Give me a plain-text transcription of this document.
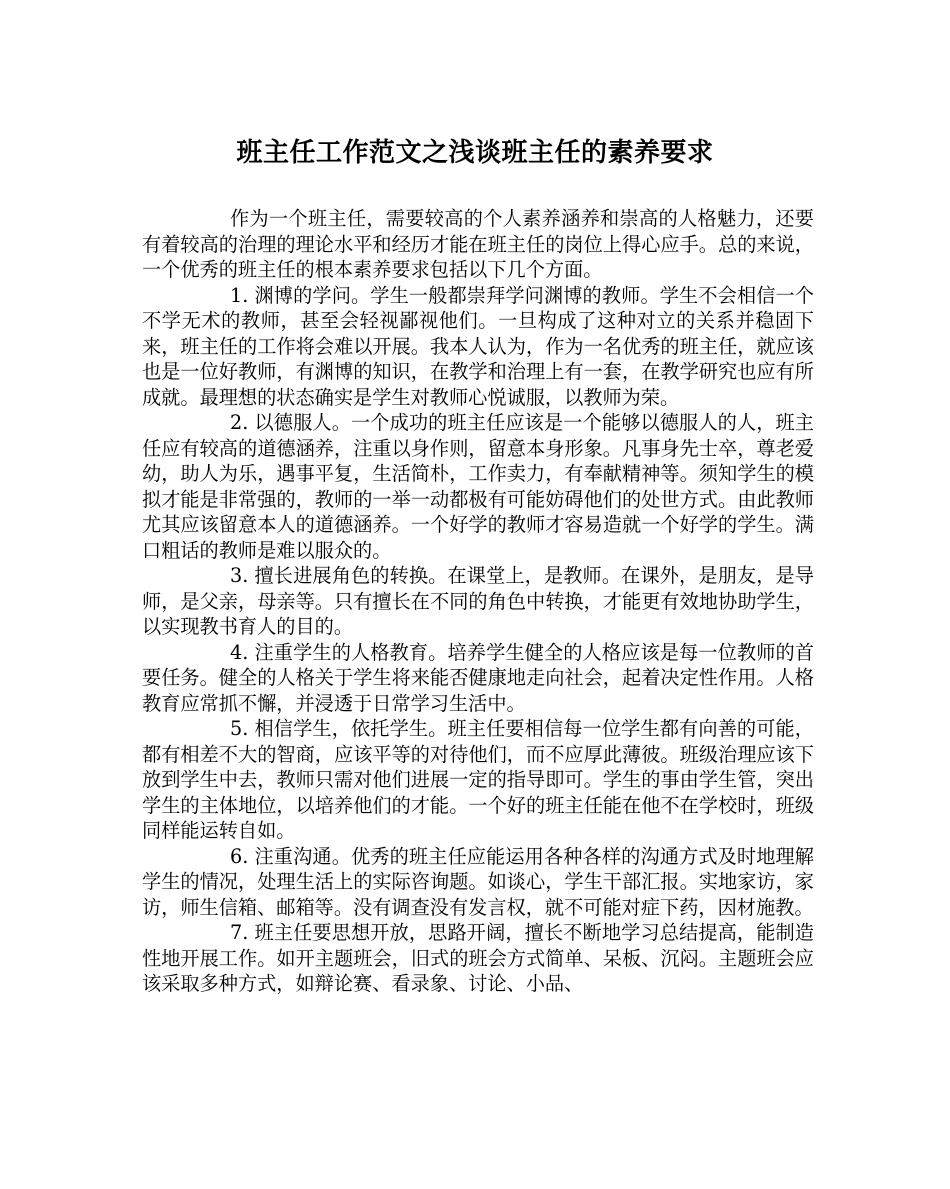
班主任工作范文之浅谈班主任的素养要求

作为一个班主任，需要较高的个人素养涵养和崇高的人格魅力，还要有着较高的治理的理论水平和经历才能在班主任的岗位上得心应手。总的来说，一个优秀的班主任的根本素养要求包括以下几个方面。

1. 渊博的学问。学生一般都崇拜学问渊博的教师。学生不会相信一个不学无术的教师，甚至会轻视鄙视他们。一旦构成了这种对立的关系并稳固下来，班主任的工作将会难以开展。我本人认为，作为一名优秀的班主任，就应该也是一位好教师，有渊博的知识，在教学和治理上有一套，在教学研究也应有所成就。最理想的状态确实是学生对教师心悦诚服，以教师为荣。

2. 以德服人。一个成功的班主任应该是一个能够以德服人的人，班主任应有较高的道德涵养，注重以身作则，留意本身形象。凡事身先士卒，尊老爱幼，助人为乐，遇事平复，生活简朴，工作卖力，有奉献精神等。须知学生的模拟才能是非常强的，教师的一举一动都极有可能妨碍他们的处世方式。由此教师尤其应该留意本人的道德涵养。一个好学的教师才容易造就一个好学的学生。满口粗话的教师是难以服众的。

3. 擅长进展角色的转换。在课堂上，是教师。在课外，是朋友，是导师，是父亲，母亲等。只有擅长在不同的角色中转换，才能更有效地协助学生，以实现教书育人的目的。

4. 注重学生的人格教育。培养学生健全的人格应该是每一位教师的首要任务。健全的人格关于学生将来能否健康地走向社会，起着决定性作用。人格教育应常抓不懈，并浸透于日常学习生活中。

5. 相信学生，依托学生。班主任要相信每一位学生都有向善的可能，都有相差不大的智商，应该平等的对待他们，而不应厚此薄彼。班级治理应该下放到学生中去，教师只需对他们进展一定的指导即可。学生的事由学生管，突出学生的主体地位，以培养他们的才能。一个好的班主任能在他不在学校时，班级同样能运转自如。

6. 注重沟通。优秀的班主任应能运用各种各样的沟通方式及时地理解学生的情况，处理生活上的实际咨询题。如谈心，学生干部汇报。实地家访，家访，师生信箱、邮箱等。没有调查没有发言权，就不可能对症下药，因材施教。

7. 班主任要思想开放，思路开阔，擅长不断地学习总结提高，能制造性地开展工作。如开主题班会，旧式的班会方式简单、呆板、沉闷。主题班会应该采取多种方式，如辩论赛、看录象、讨论、小品、
